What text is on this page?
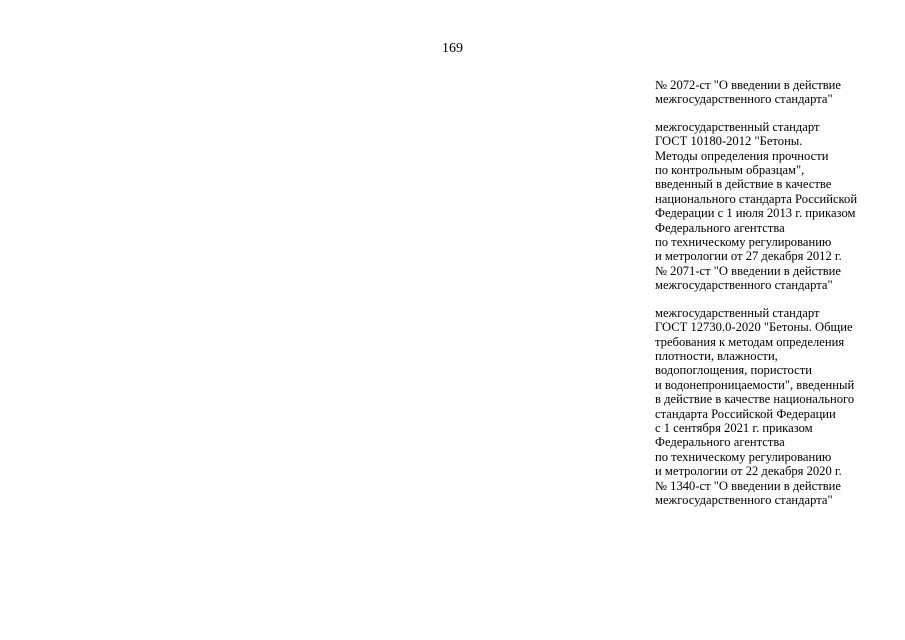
169

№ 2072-ст "О введении в действие
межгосударственного стандарта"

межгосударственный стандарт
ГОСТ 10180-2012 "Бетоны.
Методы определения прочности
по контрольным образцам",
введенный в действие в качестве
национального стандарта Российской
Федерации с 1 июля 2013 г. приказом
Федерального агентства
по техническому регулированию
и метрологии от 27 декабря 2012 г.
№ 2071-ст "О введении в действие
межгосударственного стандарта"

межгосударственный стандарт
ГОСТ 12730.0-2020 "Бетоны. Общие
требования к методам определения
плотности, влажности,
водопоглощения, пористости
и водонепроницаемости", введенный
в действие в качестве национального
стандарта Российской Федерации
с 1 сентября 2021 г. приказом
Федерального агентства
по техническому регулированию
и метрологии от 22 декабря 2020 г.
№ 1340-ст "О введении в действие
межгосударственного стандарта"
